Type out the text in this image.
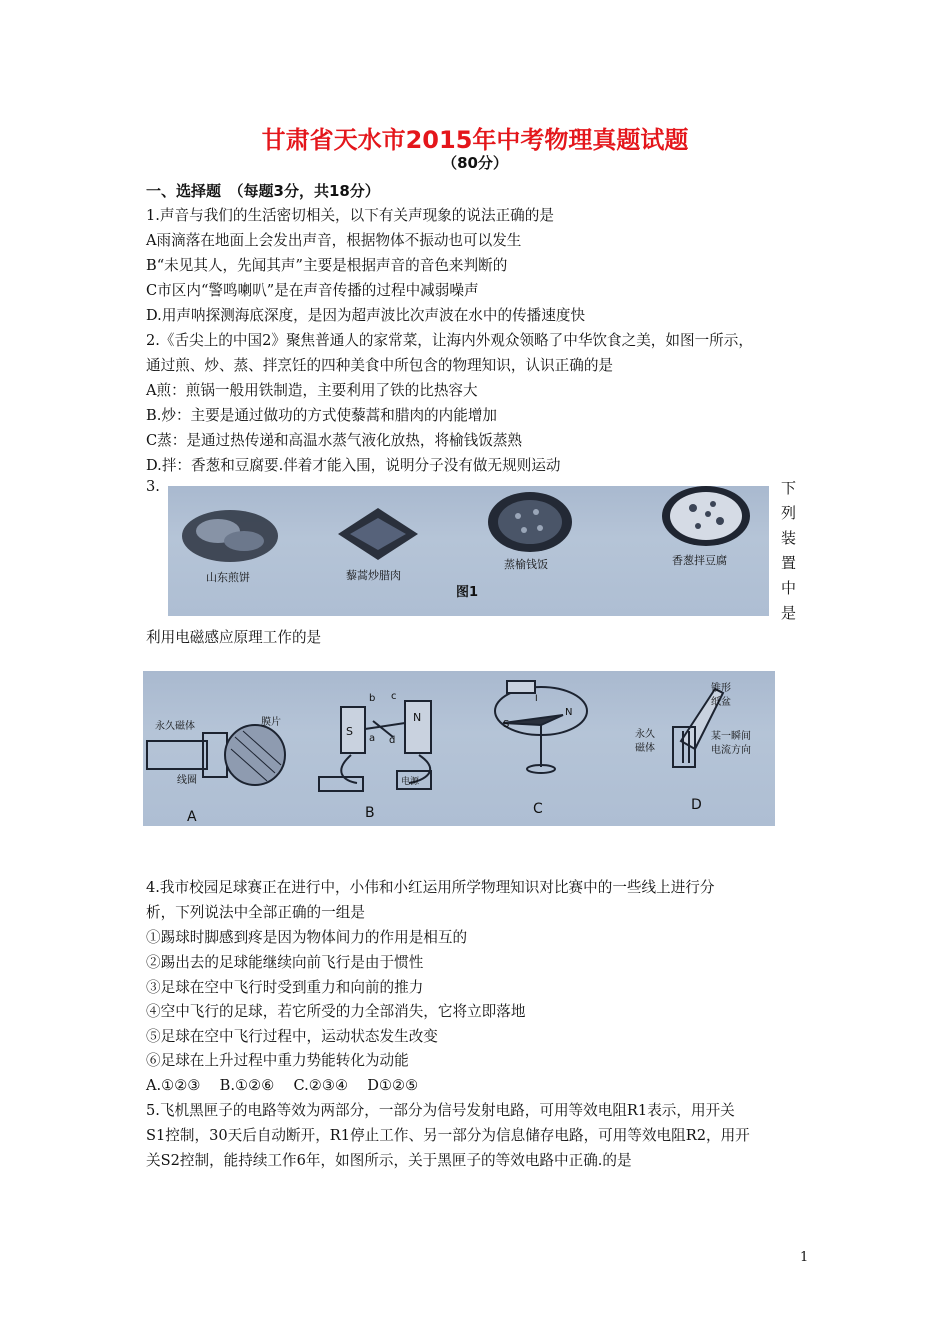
甘肃省天水市2015年中考物理真题试题
（80分）
一、选择题　（每题3分，共18分）
1.声音与我们的生活密切相关，以下有关声现象的说法正确的是
A雨滴落在地面上会发出声音，根据物体不振动也可以发生
B“未见其人，先闻其声”主要是根据声音的音色来判断的
C市区内“警鸣喇叭”是在声音传播的过程中减弱噪声
D.用声呐探测海底深度，是因为超声波比次声波在水中的传播速度快
2.《舌尖上的中国2》聚焦普通人的家常菜，让海内外观众领略了中华饮食之美，如图一所示，
通过煎、炒、蒸、拌烹饪的四种美食中所包含的物理知识，认识正确的是
A煎：煎锅一般用铁制造，主要利用了铁的比热容大
B.炒：主要是通过做功的方式使藜蒿和腊肉的内能增加
C蒸：是通过热传递和高温水蒸气液化放热，将榆钱饭蒸熟
D.拌：香葱和豆腐要.伴着才能入围，说明分子没有做无规则运动
3.
山东煎饼	藜蒿炒腊肉
蒸榆钱饭	香葱拌豆腐
图1
下
列
装
置
中
是
利用电磁感应原理工作的是
永久磁体	膜片
线圈
A
S
N
b c
a d
电源
B
S
N
I
C
锥形
纸盆
永久
磁体
某一瞬间
电流方向
D
4.我市校园足球赛正在进行中，小伟和小红运用所学物理知识对比赛中的一些线上进行分
析，下列说法中全部正确的一组是
①踢球时脚感到疼是因为物体间力的作用是相互的
②踢出去的足球能继续向前飞行是由于惯性
③足球在空中飞行时受到重力和向前的推力
④空中飞行的足球，若它所受的力全部消失，它将立即落地
⑤足球在空中飞行过程中，运动状态发生改变
⑥足球在上升过程中重力势能转化为动能
A.①②③　 B.①②⑥　 C.②③④　 D①②⑤
5.飞机黑匣子的电路等效为两部分，一部分为信号发射电路，可用等效电阻R1表示，用开关
S1控制，30天后自动断开，R1停止工作、另一部分为信息储存电路，可用等效电阻R2，用开
关S2控制，能持续工作6年，如图所示，关于黑匣子的等效电路中正确.的是
1
